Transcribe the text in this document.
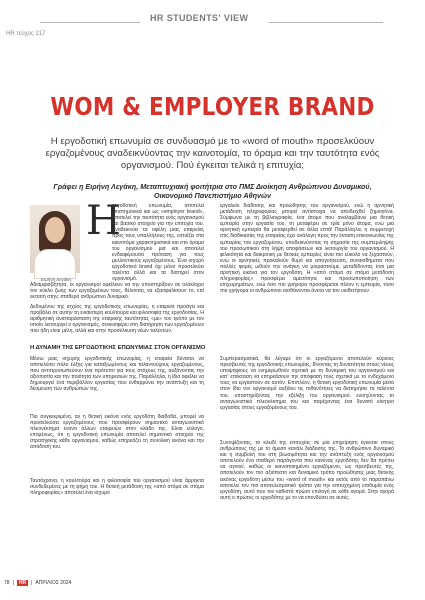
HR τεύχος 217
HR STUDENTS' VIEW
WOM & EMPLOYER BRAND

Η εργοδοτική επωνυμία σε συνδυασμό με το «word of mouth» προσελκύουν εργαζομένους αναδεικνύοντας την καινοτομία, το όραμα και την ταυτότητα ενός οργανισμού. Πού έγκειται τελικά η επιτυχία;

Γράφει η Ειρήνη Λεγάκη, Μεταπτυχιακή φοιτήτρια στο ΠΜΣ Διοίκηση Ανθρώπινου Δυναμικού, Οικονομικό Πανεπιστήμιο Αθηνών

Ειρήνη Λεγάκη
Η

εργοδοτική επωνυμία, αποτελεί επιστημονικά και ως «employer brand», αποτελεί την ταυτότητα ενός οργανισμού και βασικό στοιχείο για την επιτυχία του. Αναδεικνύει τα οφέλη μιας εταιρείας προς τους υπαλλήλους της, εστιάζει στα καινοτόμα χαρακτηριστικά και στο όραμα του οργανισμού μια και αποτελεί ενδιαφέρουσα πρόταση για τους μελλοντικούς εργαζομένους. Ένα ισχυρό εργοδοτικό brand όχι μόνο προσελκύει ταλέντα αλλά και τα διατηρεί στον οργανισμό.

Αδιαμφισβήτητα, οι οργανισμοί οφείλουν να την υποστηρίξουν σε ολόκληρο τον κύκλο ζωής των εργαζομένων τους, θέλοντας να εξασφαλίσουν το, επί εκτασή στην, σταθερό ανθρώπινο δυναμικό.

Δεδομένου της ισχύος της εργοδοτικής επωνυμίας, η εταιρεία προάγει και προβάλει σε αυτήν τη ενιαίοτερη κουλτούρα και φιλοσοφία της εργοδοσίας. Η αριθμητική αναπαράσταση της εταιρικής ταυτότητας «με» τον τρόπο με τον οποίο λειτουργεί ο οργανισμός, συνεισφέρει στη διατήρηση των εργαζομένων που ήδη είναι μέλη, αλλά και στην προσέλκυση νέων ταλέντων.

Η ΔΥΝΑΜΗ ΤΗΣ ΕΡΓΟΔΟΤΙΚΗΣ ΕΠΩΝΥΜΙΑΣ ΣΤΟΝ ΟΡΓΑΝΙΣΜΟ

Μέσω μιας ισχυρής εργοδοτικής επωνυμίας, η εταιρεία δύναται να αποτελέσει πόλο έλξης για καταξιωμένους και ταλαντούχους εργαζομένους, που αντιπροσωπεύουν ένα πρότυπο για τους στόχους της, αυξάνοντας την αξιοπιστία και την ποιότητα των υπηρεσιών της. Παράλληλα, η ίδια οφείλει να δημιουργεί ένα περιβάλλον εργασίας που ενθαρρύνει την ανάπτυξη και τη δέσμευση των ανθρώπων της.

Πιο συγκεκριμένα, αν η θετική εικόνα ενός εργοδότη διαδοθεί, μπορεί να προσελκύσει εργαζομένους που προσφέρουν σημαντικό ανταγωνιστικό πλεονέκτημα έναντι άλλων εταιρειών στον κλάδο της. Είναι εύλογο, επομένως, ότι η εργοδοτική επωνυμία αποτελεί σημαντικό στοιχείο της στρατηγικής κάθε οργανισμού, καθώς επηρεάζει τη συνολική εικόνα και την απόδοσή του.

Ταυτόχρονα, η κουλτούρα και η φιλοσοφία του οργανισμού είναι άρρηκτα συνδεδεμένες με τη φήμη του. Η θετική μετάδοση της «από στόμα σε στόμα πληροφορίας» αποτελεί ένα ισχυρό

εργαλείο διάδοσης και προώθησης του οργανισμού, ενώ η αρνητική μετάδοση πληροφορίας μπορεί αντίστοιχα να αποδειχθεί ζημιογόνα. Σύμφωνα με τη βιβλιογραφία, ένα άτομο που αναλαμβάνει μια θετική εμπειρία στην εργασία του, τη μεταφέρει σε τρία μόνο άτομα, ενώ μια αρνητική εμπειρία θα μεταφερθεί σε άλλα επτά! Παράλληλα, η συμμετοχή στις διαδικασίες της εταιρείας έχει ανάλογη προς την έκταση επικοινωνίας της εμπειρίας του εργαζομένου, υποδεικνύοντας τη σημασία της συμπεριληψης του προσωπικού στη λήψη αποφάσεων και λειτουργία του οργανισμού. Η φιλικότητα και διακριτική με θετικές εμπειρίες είναι πιο εύκολο να ξεχαστούν, ενώ οι αρνητικές προκαλούν θυμό και απογοήτευση, συναισθήματα που πολλές φορές ωθούν την ανάγκη να μοιραστούμε, μεταδίδοντας έτσι μια αρνητική εικόνα για τον εργοδότη. Η «από στόμα σε στόμα μετάδοση πληροφορίας» προσφέρει αμεσότητα και προσωποποίηση των επιχειρημάτων, ενώ όσο πιο γρήγορα προσφέρεται πλέον η εμπειρία, τόσο πιο γρήγορα οι ανθρώπινοι αισθάνονται άνετα να τον υιοθετήσουν.

Συμπερασματικά, θα λέγαμε ότι οι εργαζόμενοι αποτελούν κύριους πρεσβευτές της εργοδοτικής επωνυμίας, δίνοντας τη δυνατότητα στους νέους υποψήφιους να ενημερωθούν σχετικά με τη δυναμική του οργανισμού και κατ' επέκταση να επηρεάσουν την απόφασή τους σχετικά με το ενδεχόμενο τους να εργαστούν σε αυτόν. Επιπλέον, η θετική εργοδοτική επωνυμία μέσα στον ίδιο τον οργανισμό αυξάνει τις πιθανότητες να διατηρήσει τα ταλέντα του, υποστηρίζοντας την εξέλιξη του οργανισμού, ενισχύοντας το ανταγωνιστικό πλεονέκτημα του και παρέχοντας ένα δυνατό κίνητρο εργασίας στους εργαζομένους του.

Συνοψίζοντας, το κλειδί της επιτυχίας σε μία επιχείρηση έγκειται στους ανθρώπους της με το άμεσο κανάλι διάδοσης της. Το ανθρώπινο δυναμικό και η συμβολή του στη βιωσιμότητα και την ανάπτυξη ενός οργανισμού αποτελούν ένα σταθερό παράγοντα που κανένας εργοδότης δεν θα πρέπει να αγνοεί, καθώς οι ικανοποιημένοι εργαζόμενοι, ως πρεσβευτές της, αποτελούν τον πιο αξιόπιστο και δυναμικό τρόπο προώθησης μιας θετικής εικόνας εργοδότη μέσω του «word of mouth» και εκτός από το παραπάνω αποτελεί τον πιο αποτελεσματικό τρόπο για την επιτυχημένη επιθυμία ενός εργοδότη, αυτό που τον καθιστά πρώτο επιλογή σε κάθε αγορά. Στην αγορά αυτή ο πρώτος οι εργοδότης με το να επενδύσει σε αυτές.

78 |	HR	| ΑΠΡΙΛΙΟΣ 2024
